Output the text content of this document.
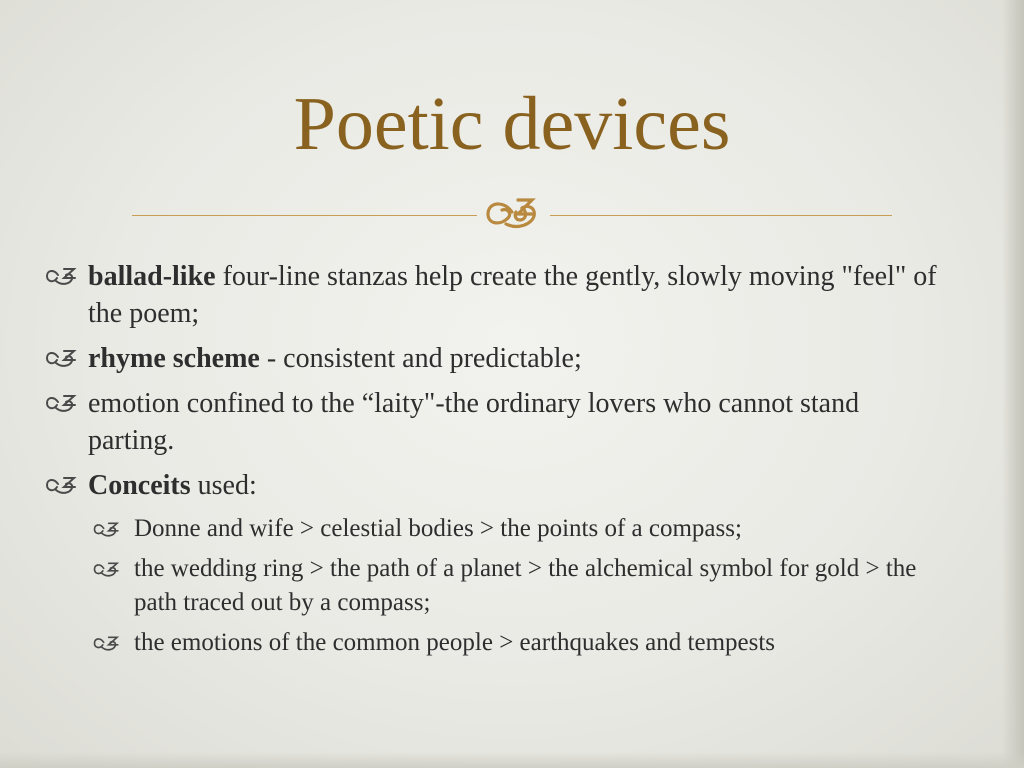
Poetic devices
ballad-like four-line stanzas help create the gently, slowly moving "feel" of the poem;
rhyme scheme - consistent and predictable;
emotion confined to the “laity"-the ordinary lovers who cannot stand parting.
Conceits used:
Donne and wife > celestial bodies > the points of a compass;
the wedding ring > the path of a planet > the alchemical symbol for gold > the path traced out by a compass;
the emotions of the common people > earthquakes and tempests
